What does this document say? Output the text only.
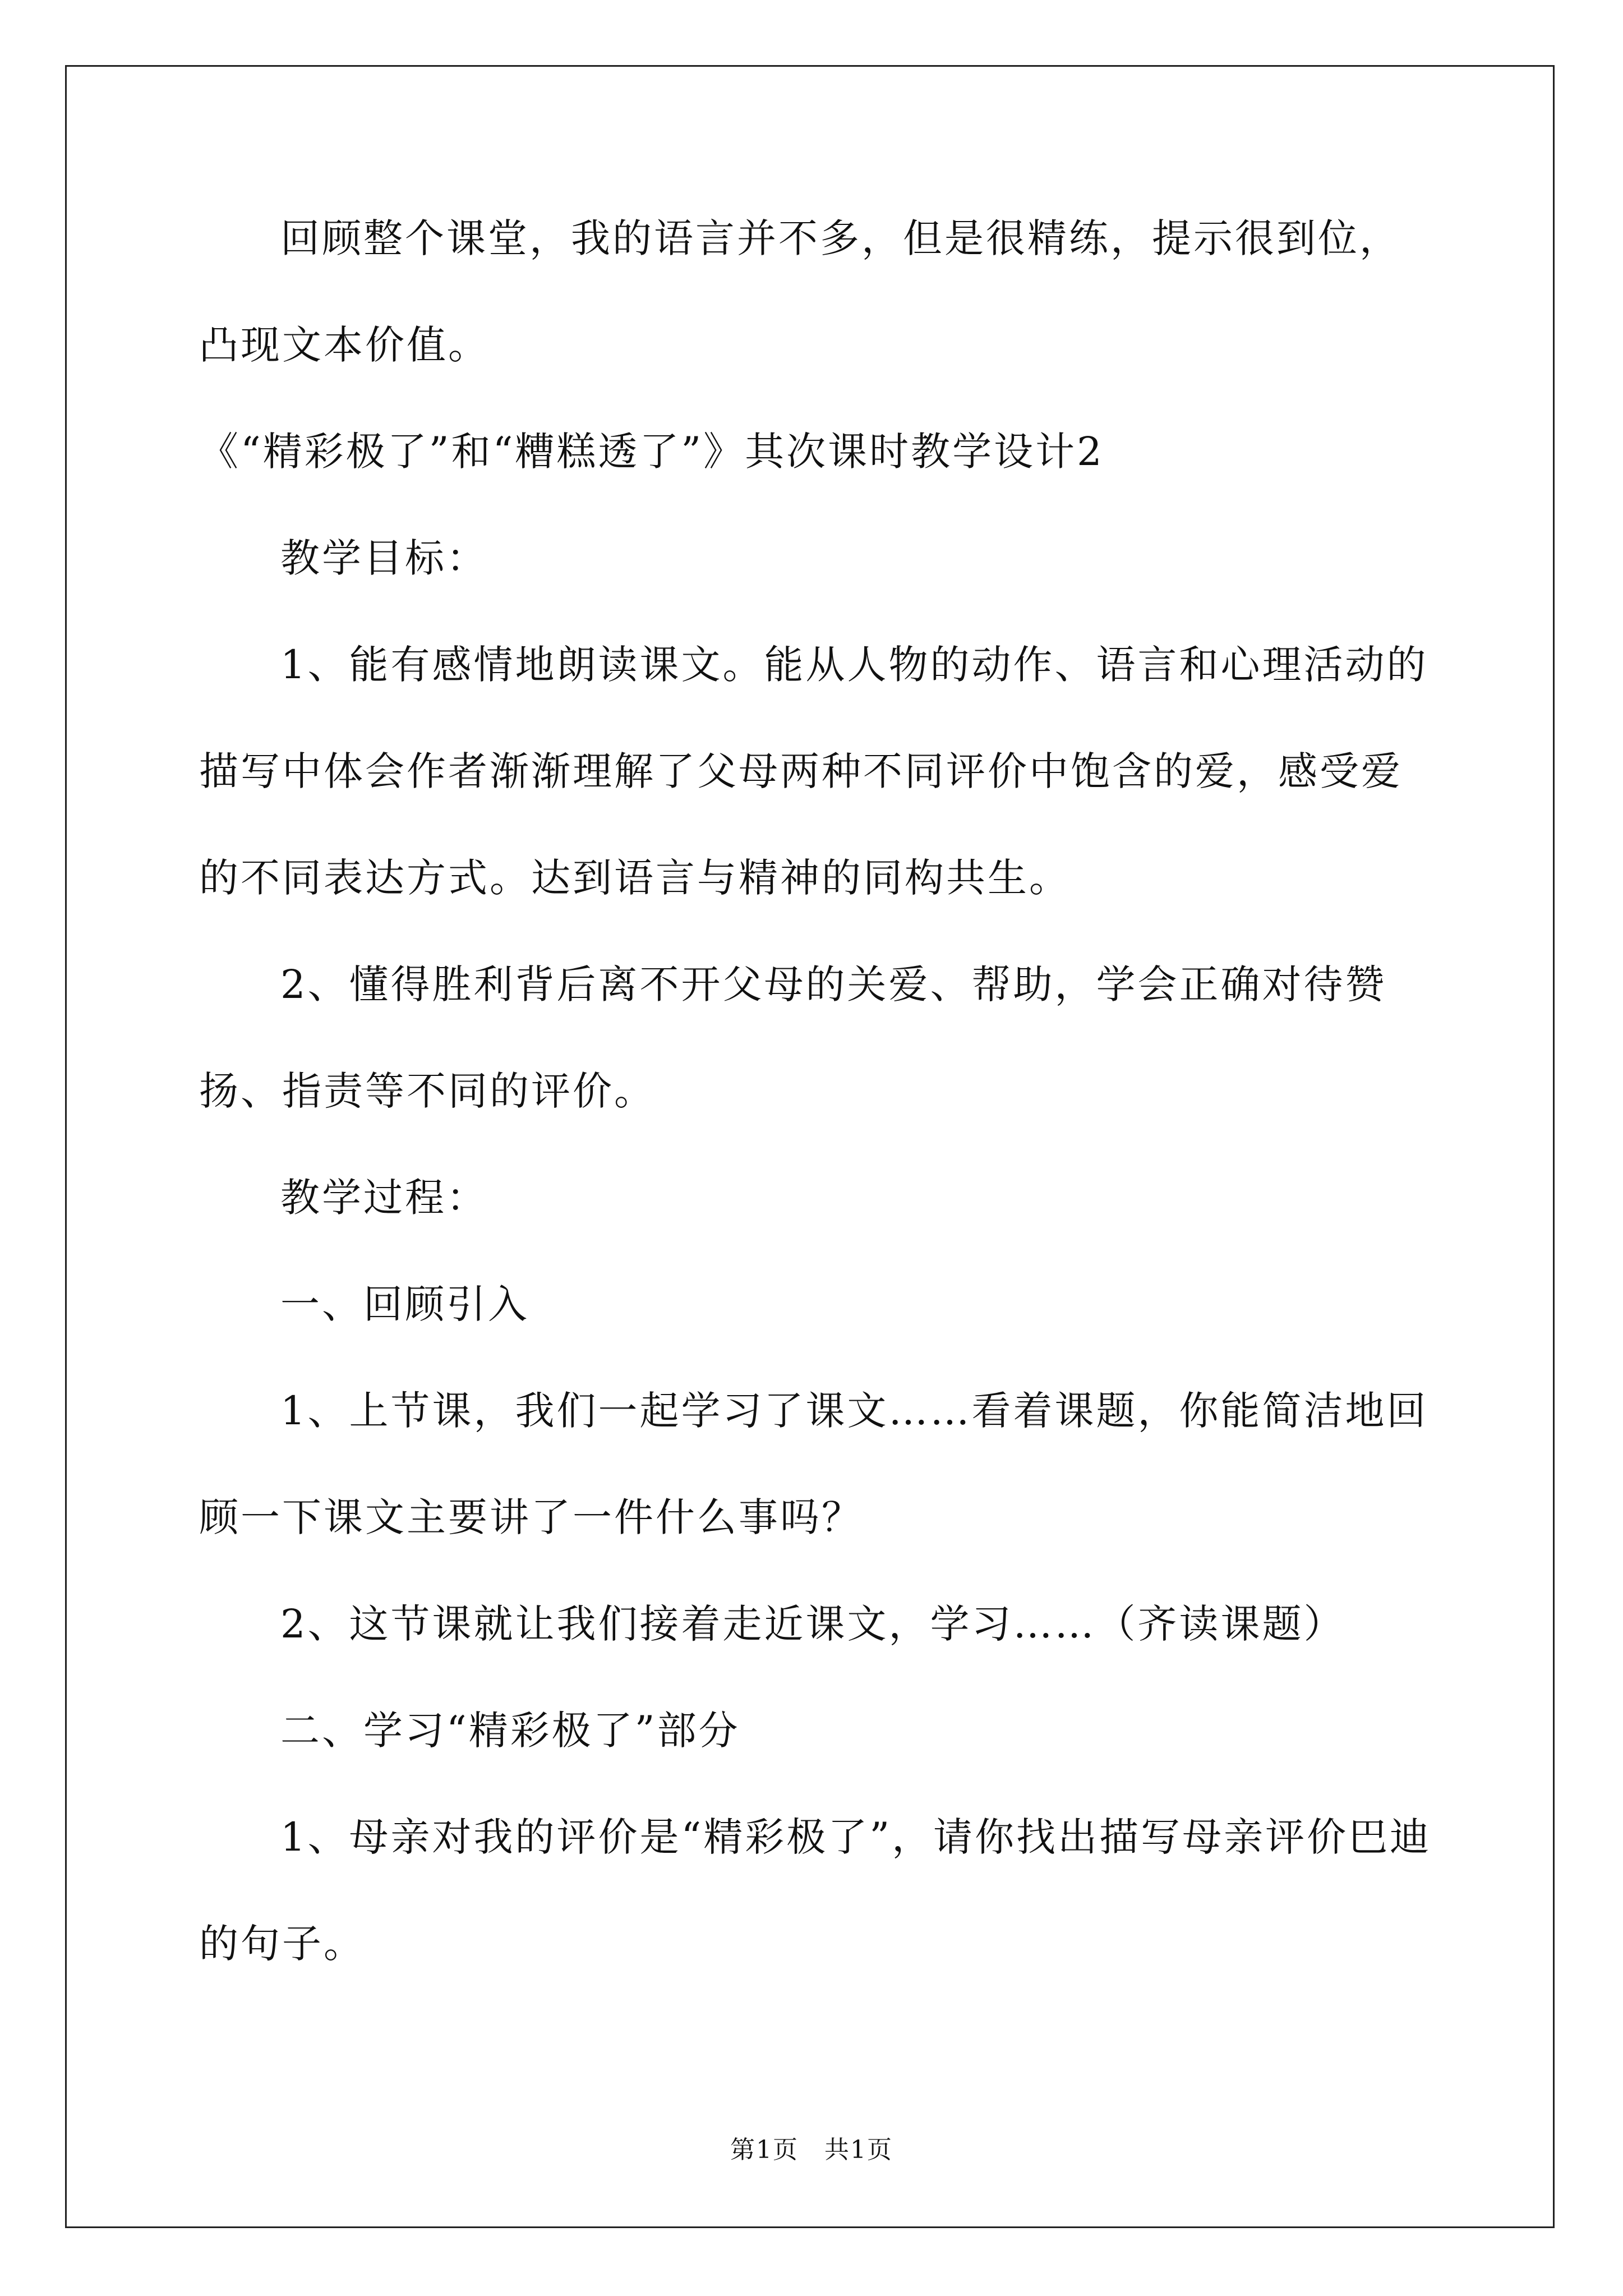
回顾整个课堂，我的语言并不多，但是很精练，提示很到位，凸现文本价值。

《“精彩极了”和“糟糕透了”》其次课时教学设计2

教学目标：

1、能有感情地朗读课文。能从人物的动作、语言和心理活动的描写中体会作者渐渐理解了父母两种不同评价中饱含的爱，感受爱的不同表达方式。达到语言与精神的同构共生。

2、懂得胜利背后离不开父母的关爱、帮助，学会正确对待赞扬、指责等不同的评价。

教学过程：

一、回顾引入

1、上节课，我们一起学习了课文……看着课题，你能简洁地回顾一下课文主要讲了一件什么事吗？

2、这节课就让我们接着走近课文，学习……（齐读课题）

二、学习“精彩极了”部分

1、母亲对我的评价是“精彩极了”，请你找出描写母亲评价巴迪的句子。

第1页　共1页
